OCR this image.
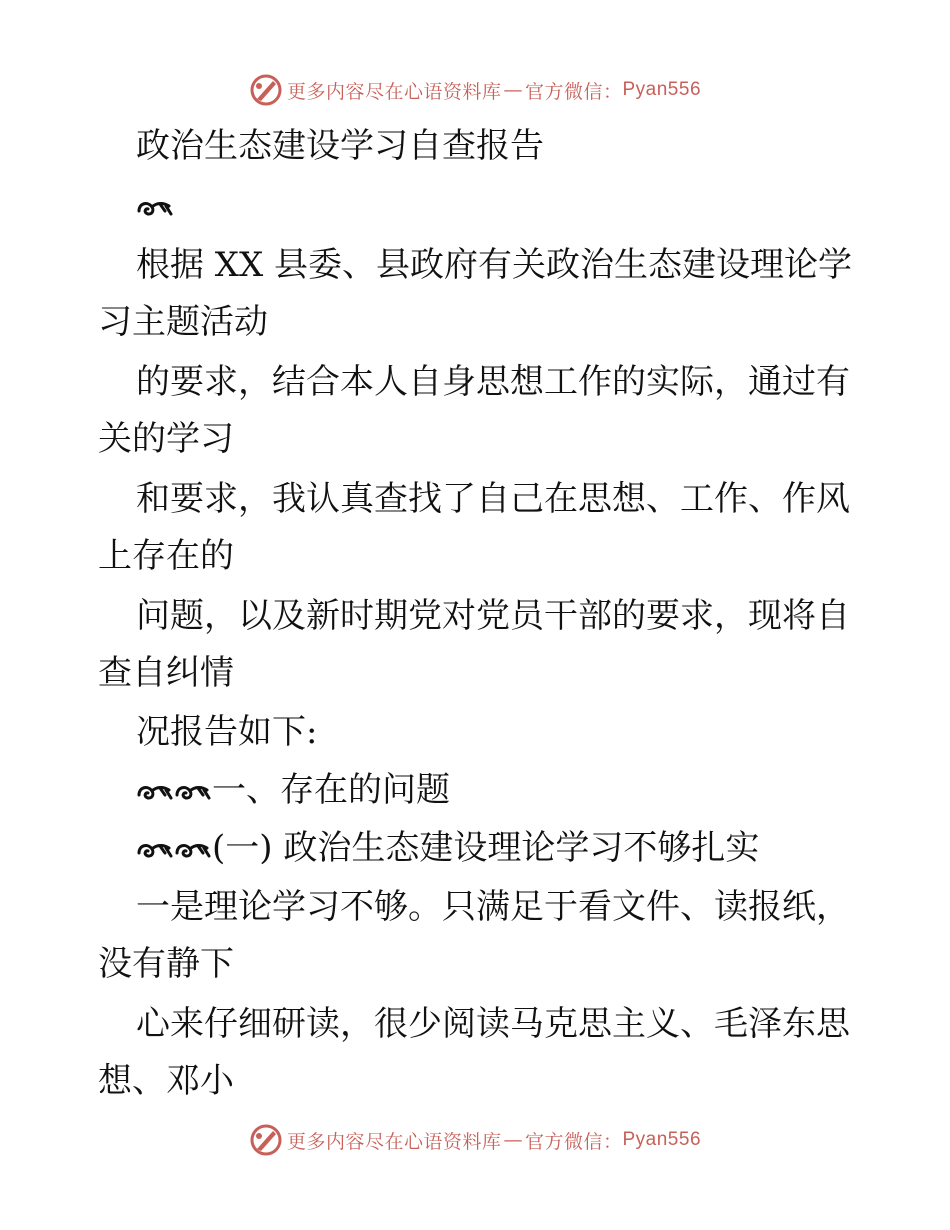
更多内容尽在心语资料库 — 官方微信： Pyan556
政治生态建设学习自查报告
根据 XX 县委、县政府有关政治生态建设理论学
习主题活动
的要求，结合本人自身思想工作的实际，通过有
关的学习
和要求，我认真查找了自己在思想、工作、作风
上存在的
问题，以及新时期党对党员干部的要求，现将自
查自纠情
况报告如下:
一、存在的问题
(一) 政治生态建设理论学习不够扎实
一是理论学习不够。只满足于看文件、读报纸，
没有静下
心来仔细研读，很少阅读马克思主义、毛泽东思
想、邓小
更多内容尽在心语资料库 — 官方微信： Pyan556
